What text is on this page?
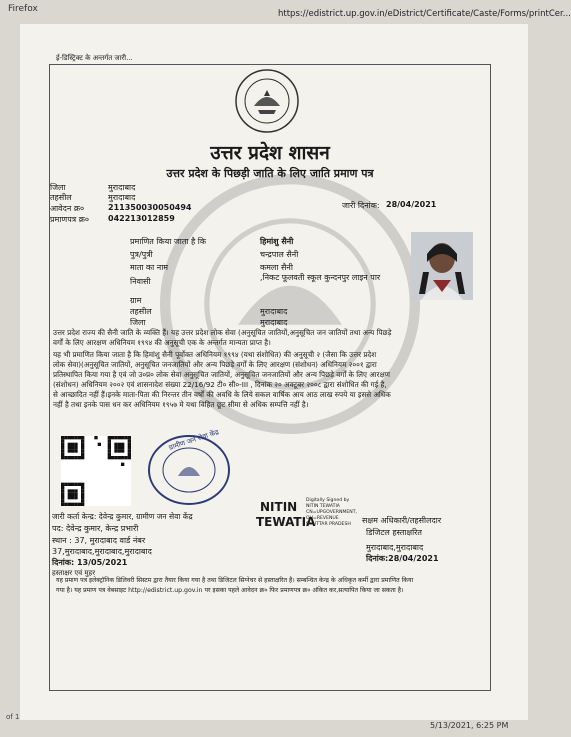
Firefox	https://edistrict.up.gov.in/eDistrict/Certificate/Caste/Forms/printCer...
ई-डिस्ट्रिक्ट के अन्तर्गत जारी...
उत्तर प्रदेश शासन
उत्तर प्रदेश के पिछड़ी जाति के लिए जाति प्रमाण पत्र
जिला	मुरादाबाद
तहसील	मुरादाबाद
आवेदन क्र०	211350030050494
प्रमाणपत्र क्र० 042213012859
जारी दिनांक: 28/04/2021
प्रमाणित किया जाता है कि	हिमांशु सैनी
पुत्र/पुत्री	चन्द्रपाल सैनी
माता का नाम	कमला सैनी
निवासी	,निकट फूलवती स्कूल कुन्दनपुर लाइन पार
ग्राम
तहसील	मुरादाबाद
जिला	मुरादाबाद
उत्तर प्रदेश राज्य की सैनी जाति के व्यक्ति हैं। यह उत्तर प्रदेश लोक सेवा (अनुसूचित जातियों,अनुसूचित जन जातियों तथा अन्य पिछड़े
वर्गों के लिए आरक्षण अधिनियम १९९४ की अनुसूची एक के अन्तर्गत मान्यता प्राप्त है।
यह भी प्रमाणित किया जाता है कि हिमांशु सैनी पूर्वोक्त अधिनियम १९९४ (यथा संशोधित) की अनुसूची २ (जैसा कि उत्तर प्रदेश
लोक सेवा)(अनुसूचित जातियों, अनुसूचित जनजातियों और अन्य पिछड़े वर्गों के लिए आरक्षण (संशोधन) अधिनियम २००१ द्वारा
प्रतिस्थापित किया गया है एवं जो उ०प्र० लोक सेवा अनुसूचित जातियों, अनुसूचित जनजातियों और अन्य पिछड़े वर्गों के लिए आरक्षण
(संशोधन) अधिनियम २००२ एवं शासनादेश संख्या 22/16/92 टी० सी०-III , दिनांक २० अक्टूबर २००८ द्वारा संशोधित की गई है,
से आच्छादित नहीं हैं।इनके माता-पिता की निरन्तर तीन वर्षों की अवधि के लिये सकल वार्षिक आय आठ लाख रुपये या इससे अधिक
नहीं है तथा इनके पास धन कर अधिनियम १९५७ मे यथा विहित छूट सीमा से अधिक सम्पत्ति नहीं है।
ग्रामीण जन सेवा केंद्र
जारी कर्ता केन्द्र: देवेन्द्र कुमार, ग्रामीण जन सेवा केंद्र
पद: देवेन्द्र कुमार, केन्द्र प्रभारी
स्थान : 37, मुरादाबाद वार्ड नंबर
37,मुरादाबाद,मुरादाबाद,मुरादाबाद
दिनांक: 13/05/2021
हस्ताक्षर एवं मुहर
NITIN
TEWATIA
Digitally Signed by
NITIN TEWATIA
CN=UPGOVERNMENT,
OU=REVENUE
S=UTTAR PRADESH	सक्षम अधिकारी/तहसीलदार
डिजिटल हस्ताक्षरित
मुरादाबाद,मुरादाबाद
दिनांक:28/04/2021
यह प्रमाण पत्र इलेक्ट्रॉनिक डिलिवरी सिस्टम द्वारा तैयार किया गया है तथा डिजिटल सिग्नेचर से हस्ताक्षरित है। सम्बन्धित केन्द्र के अधिकृत कर्मी द्वारा प्रमाणित किया
गया है। यह प्रमाण पत्र वेबसाइट http://edistrict.up.gov.in पर इसका पहले आवेदन क्र० फिर प्रमाणपत्र क्र० अंकित कर,सत्यापित किया जा सकता है।
of 1
5/13/2021, 6:25 PM
